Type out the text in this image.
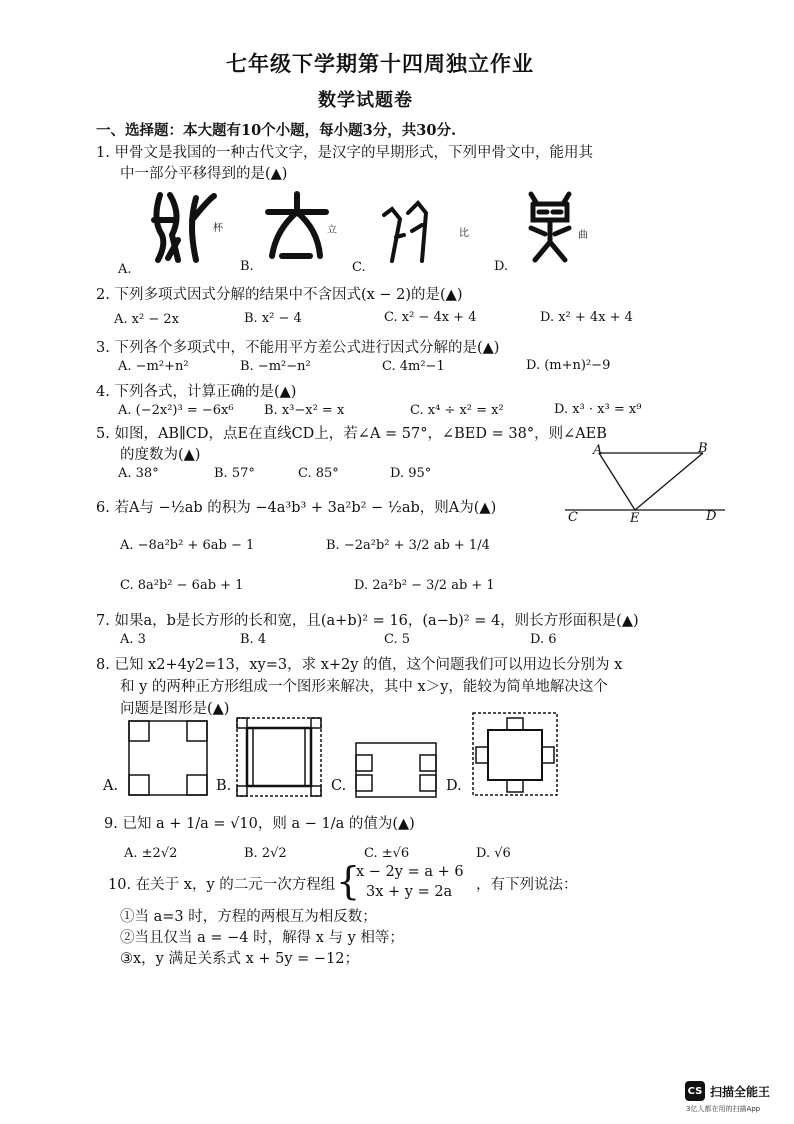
七年级下学期第十四周独立作业
数学试题卷
一、选择题：本大题有10个小题，每小题3分，共30分.
1. 甲骨文是我国的一种古代文字，是汉字的早期形式，下列甲骨文中，能用其
中一部分平移得到的是(▲)
杯	立	比	曲
A.	B.	C.	D.
2. 下列多项式因式分解的结果中不含因式(x − 2)的是(▲)
A. x² − 2x	B. x² − 4	C. x² − 4x + 4	D. x² + 4x + 4
3. 下列各个多项式中，不能用平方差公式进行因式分解的是(▲)
A. −m²+n²	B. −m²−n²	C. 4m²−1	D. (m+n)²−9
4. 下列各式，计算正确的是(▲)
A. (−2x²)³ = −6x⁶ B. x³−x² = x	C. x⁴ ÷ x² = x²	D. x³ · x³ = x⁹
5. 如图，AB∥CD，点E在直线CD上，若∠A = 57°，∠BED = 38°，则∠AEB
的度数为(▲)
A. 38°	B. 57°	C. 85°	D. 95°
A	B
C	E	D
6. 若A与 −½ab 的积为 −4a³b³ + 3a²b² − ½ab，则A为(▲)
A. −8a²b² + 6ab − 1	B. −2a²b² + 3/2 ab + 1/4
C. 8a²b² − 6ab + 1	D. 2a²b² − 3/2 ab + 1
7. 如果a，b是长方形的长和宽，且(a+b)² = 16，(a−b)² = 4，则长方形面积是(▲)
A. 3	B. 4	C. 5	D. 6
8. 已知 x2+4y2=13，xy=3，求 x+2y 的值，这个问题我们可以用边长分别为 x
和 y 的两种正方形组成一个图形来解决，其中 x＞y，能较为简单地解决这个
问题是图形是(▲)
A.	B.	C.	D.
9. 已知 a + 1/a = √10，则 a − 1/a 的值为(▲)
A. ±2√2	B. 2√2	C. ±√6	D. √6
10. 在关于 x，y 的二元一次方程组 {
x − 2y = a + 6
3x + y = 2a ，有下列说法：
①当 a=3 时，方程的两根互为相反数；
②当且仅当 a = −4 时，解得 x 与 y 相等；
③x，y 满足关系式 x + 5y = −12；
CS 扫描全能王
3亿人都在用的扫描App
